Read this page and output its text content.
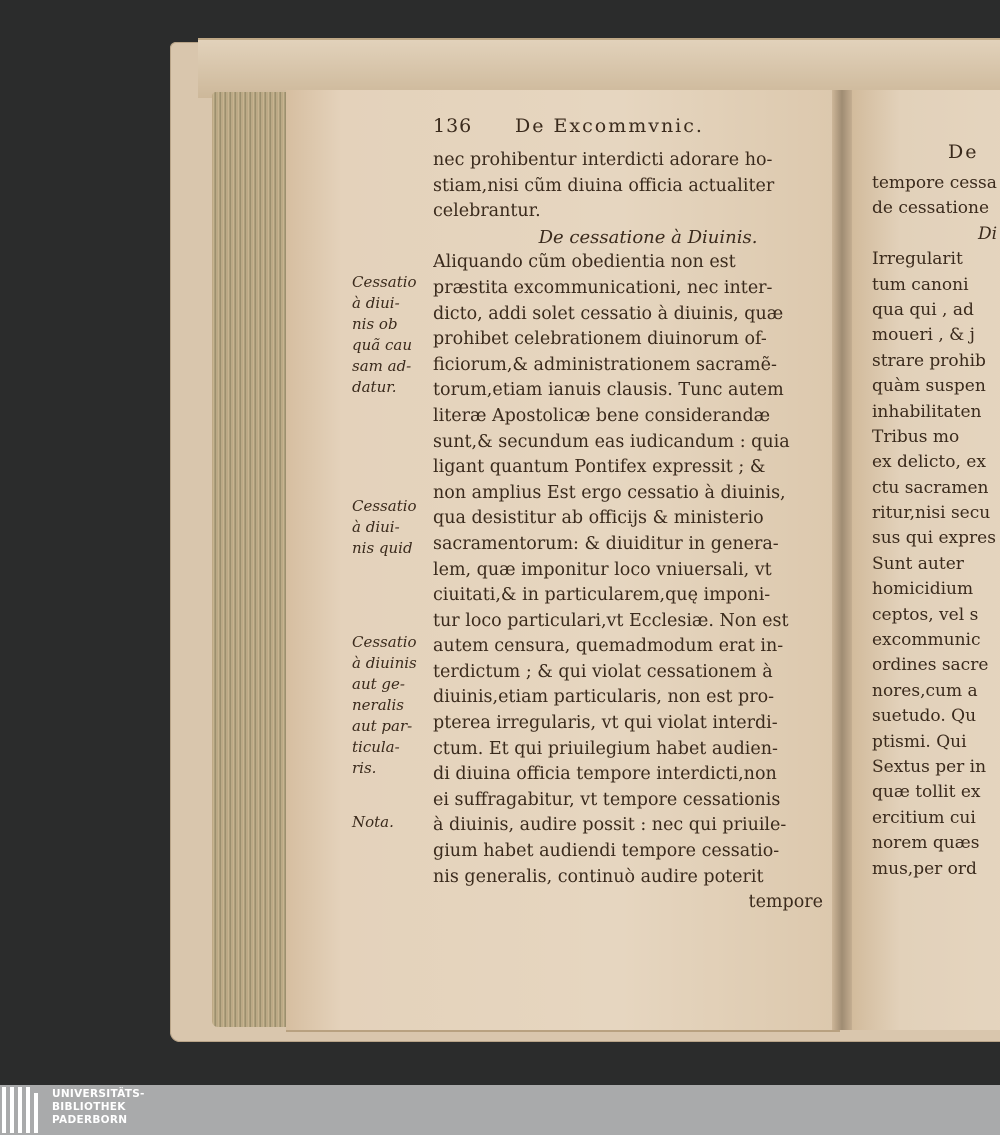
136 De Excommvnic.
nec prohibentur interdicti adorare ho-
stiam,nisi cũm diuina officia actualiter
celebrantur.
De cessatione à Diuinis.
Aliquando cũm obedientia non est
præstita excommunicationi, nec inter-
dicto, addi solet cessatio à diuinis, quæ
prohibet celebrationem diuinorum of-
ficiorum,& administrationem sacramẽ-
torum,etiam ianuis clausis. Tunc autem
literæ Apostolicæ bene considerandæ
sunt,& secundum eas iudicandum : quia
ligant quantum Pontifex expressit ; &
non amplius Est ergo cessatio à diuinis,
qua desistitur ab officijs & ministerio
sacramentorum: & diuiditur in genera-
lem, quæ imponitur loco vniuersali, vt
ciuitati,& in particularem,quę imponi-
tur loco particulari,vt Ecclesiæ. Non est
autem censura, quemadmodum erat in-
terdictum ; & qui violat cessationem à
diuinis,etiam particularis, non est pro-
pterea irregularis, vt qui violat interdi-
ctum. Et qui priuilegium habet audien-
di diuina officia tempore interdicti,non
ei suffragabitur, vt tempore cessationis
à diuinis, audire possit : nec qui priuile-
gium habet audiendi tempore cessatio-
nis generalis, continuò audire poterit
tempore
Cessatio
à diui-
nis ob
quã cau
sam ad-
datur.
Cessatio
à diui-
nis quid
Cessatio
à diuinis
aut ge-
neralis
aut par-
ticula-
ris.
Nota.
De
tempore cessa
de cessatione
Di
Irregularit
tum canoni
qua qui , ad
moueri , & j
strare prohib
quàm suspen
inhabilitaten
Tribus mo
ex delicto, ex
ctu sacramen
ritur,nisi secu
sus qui expres
Sunt auter
homicidium
ceptos, vel s
excommunic
ordines sacre
nores,cum a
suetudo. Qu
ptismi. Qui
Sextus per in
quæ tollit ex
ercitium cui
norem quæs
mus,per ord
UNIVERSITÄTS-
BIBLIOTHEK
PADERBORN
